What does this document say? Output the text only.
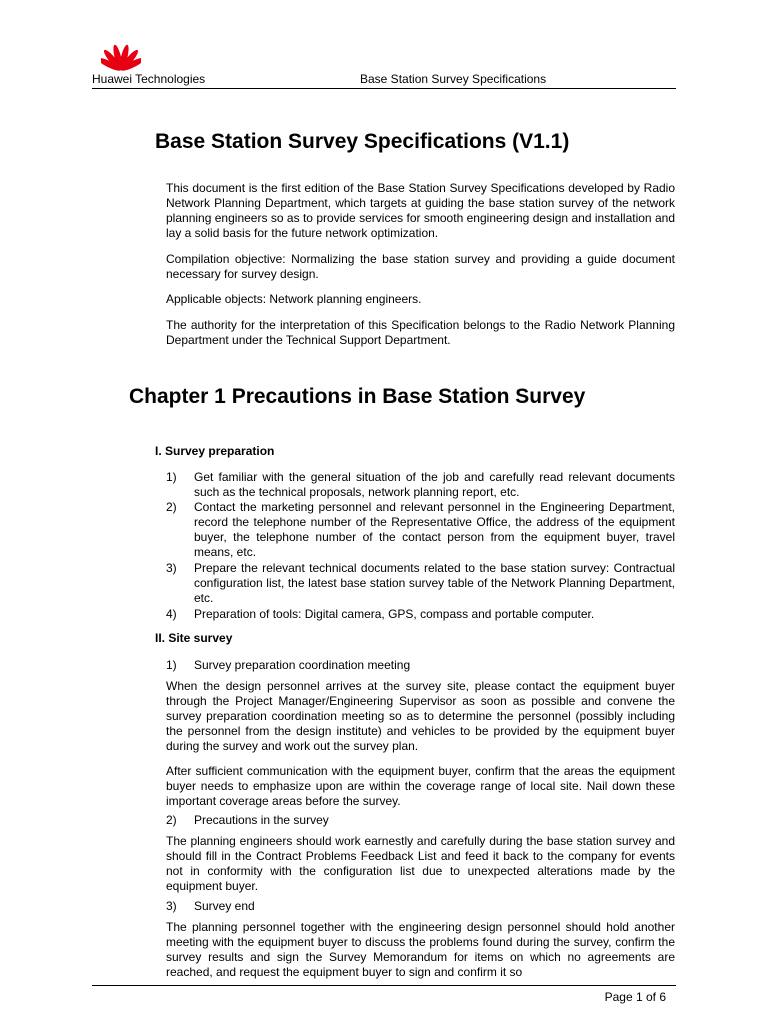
Huawei Technologies	Base Station Survey Specifications
Base Station Survey Specifications (V1.1)

This document is the first edition of the Base Station Survey Specifications developed by Radio Network Planning Department, which targets at guiding the base station survey of the network planning engineers so as to provide services for smooth engineering design and installation and lay a solid basis for the future network optimization.

Compilation objective: Normalizing the base station survey and providing a guide document necessary for survey design.

Applicable objects: Network planning engineers.

The authority for the interpretation of this Specification belongs to the Radio Network Planning Department under the Technical Support Department.

Chapter 1 Precautions in Base Station Survey
I. Survey preparation
1) Get familiar with the general situation of the job and carefully read relevant documents such as the technical proposals, network planning report, etc.

2) Contact the marketing personnel and relevant personnel in the Engineering Department, record the telephone number of the Representative Office, the address of the equipment buyer, the telephone number of the contact person from the equipment buyer, travel means, etc.

3) Prepare the relevant technical documents related to the base station survey: Contractual configuration list, the latest base station survey table of the Network Planning Department, etc.

4) Preparation of tools: Digital camera, GPS, compass and portable computer.

II. Site survey
1) Survey preparation coordination meeting

When the design personnel arrives at the survey site, please contact the equipment buyer through the Project Manager/Engineering Supervisor as soon as possible and convene the survey preparation coordination meeting so as to determine the personnel (possibly including the personnel from the design institute) and vehicles to be provided by the equipment buyer during the survey and work out the survey plan.

After sufficient communication with the equipment buyer, confirm that the areas the equipment buyer needs to emphasize upon are within the coverage range of local site. Nail down these important coverage areas before the survey.

2) Precautions in the survey

The planning engineers should work earnestly and carefully during the base station survey and should fill in the Contract Problems Feedback List and feed it back to the company for events not in conformity with the configuration list due to unexpected alterations made by the equipment buyer.

3) Survey end

The planning personnel together with the engineering design personnel should hold another meeting with the equipment buyer to discuss the problems found during the survey, confirm the survey results and sign the Survey Memorandum for items on which no agreements are reached, and request the equipment buyer to sign and confirm it so

Page 1 of 6
